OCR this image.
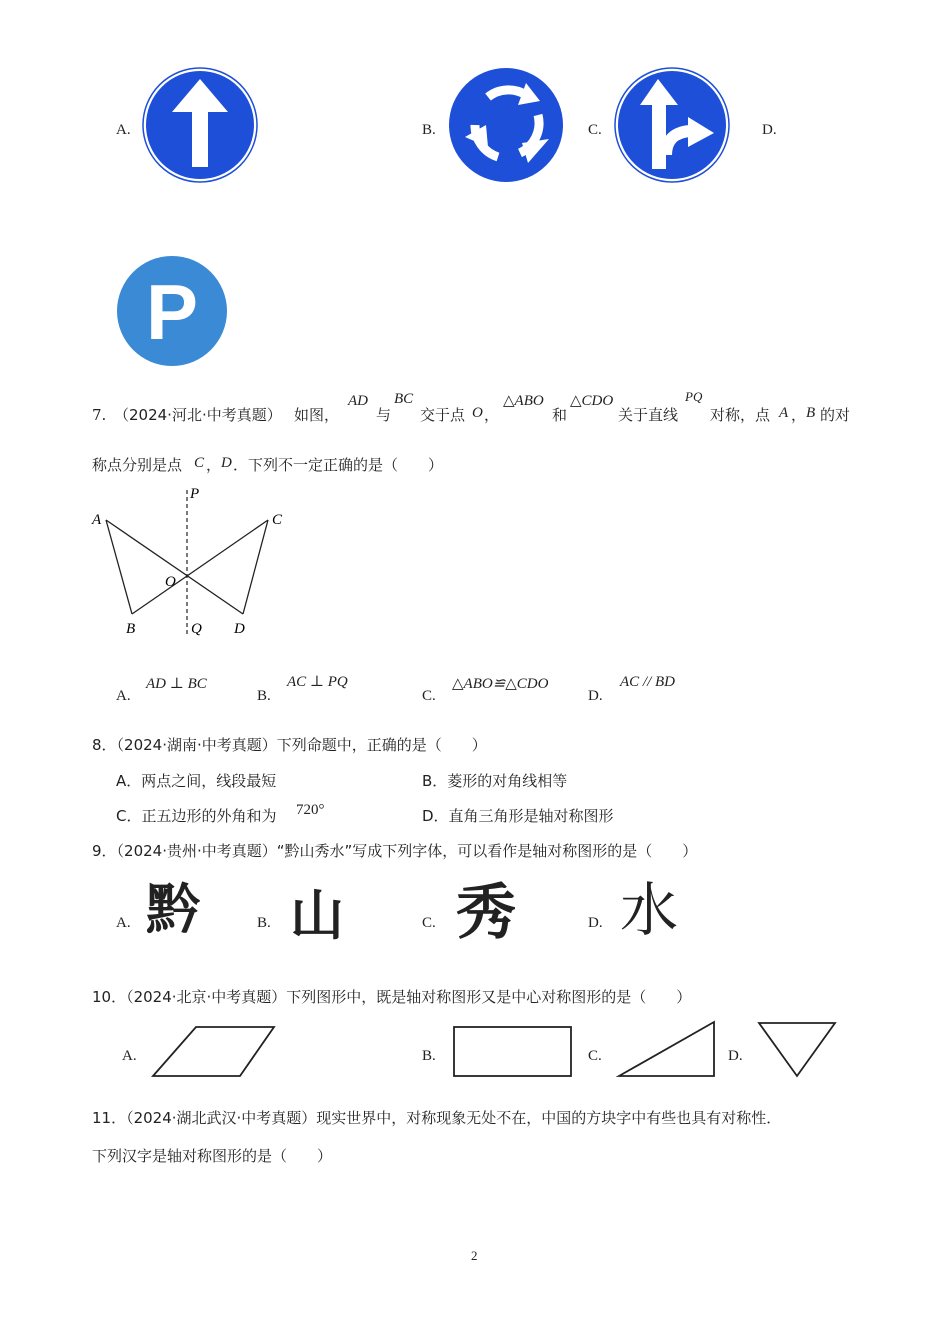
A.	B.	C.	D.
P
7. （2024·河北·中考真题） 如图，
AD
与
BC
交于点 O ，
△ABO
和
△CDO
关于直线
PQ
对称，点 A ， B 的对
称点分别是点 C ， D ．下列不一定正确的是（　　）
P
A	C
O
B	Q D
A.
AD ⊥ BC
B.
AC ⊥ PQ
C.
△ABO≌△CDO
D.
AC // BD
8．（2024·湖南·中考真题）下列命题中，正确的是（　　）
A．两点之间，线段最短	B．菱形的对角线相等
C．正五边形的外角和为 720°	D．直角三角形是轴对称图形
9．（2024·贵州·中考真题）“黔山秀水”写成下列字体，可以看作是轴对称图形的是（　　）
A. 黔	B. 山	C. 秀	D. 水
10．（2024·北京·中考真题）下列图形中，既是轴对称图形又是中心对称图形的是（　　）
A.	B.	C.	D.
11．（2024·湖北武汉·中考真题）现实世界中，对称现象无处不在，中国的方块字中有些也具有对称性．
下列汉字是轴对称图形的是（　　）
2
